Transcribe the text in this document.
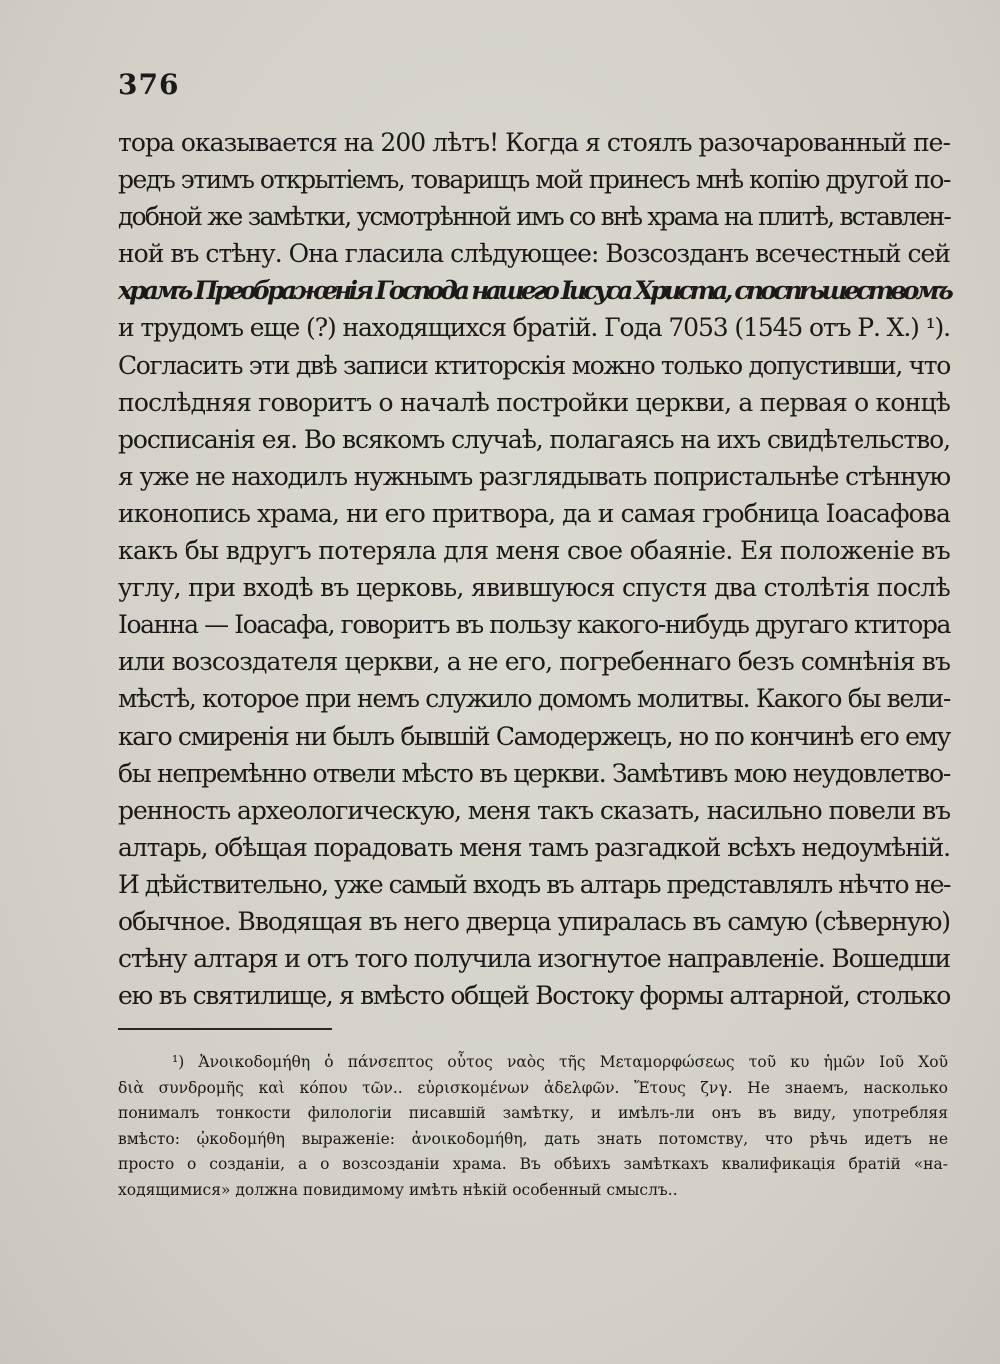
376
тора оказывается на 200 лѣтъ! Когда я стоялъ разочарованный пе-
редъ этимъ открытіемъ, товарищъ мой принесъ мнѣ копію другой по-
добной же замѣтки, усмотрѣнной имъ со внѣ храма на плитѣ, вставлен-
ной въ стѣну. Она гласила слѣдующее: Возсозданъ всечестный сей
храмъ Преображенія Господа нашего Іисуса Христа, споспѣшествомъ
и трудомъ еще (?) находящихся братій. Года 7053 (1545 отъ Р. Х.) ¹).
Согласить эти двѣ записи ктиторскія можно только допустивши, что
послѣдняя говоритъ о началѣ постройки церкви, а первая о концѣ
росписанія ея. Во всякомъ случаѣ, полагаясь на ихъ свидѣтельство,
я уже не находилъ нужнымъ разглядывать попристальнѣе стѣнную
иконопись храма, ни его притвора, да и самая гробница Іоасафова
какъ бы вдругъ потеряла для меня свое обаяніе. Ея положеніе въ
углу, при входѣ въ церковь, явившуюся спустя два столѣтія послѣ
Іоанна — Іоасафа, говоритъ въ пользу какого-нибудь другаго ктитора
или возсоздателя церкви, а не его, погребеннаго безъ сомнѣнія въ
мѣстѣ, которое при немъ служило домомъ молитвы. Какого бы вели-
каго смиренія ни былъ бывшій Самодержецъ, но по кончинѣ его ему
бы непремѣнно отвели мѣсто въ церкви. Замѣтивъ мою неудовлетво-
ренность археологическую, меня такъ сказать, насильно повели въ
алтарь, обѣщая порадовать меня тамъ разгадкой всѣхъ недоумѣній.
И дѣйствительно, уже самый входъ въ алтарь представлялъ нѣчто не-
обычное. Вводящая въ него дверца упиралась въ самую (сѣверную)
стѣну алтаря и отъ того получила изогнутое направленіе. Вошедши
ею въ святилище, я вмѣсто общей Востоку формы алтарной, столько
¹) Ἀνοικοδομήθη ὁ πάνσεπτος οὗτος ναὸς τῆς Μεταμορφώσεως τοῦ κυ ἡμῶν Ιοῦ Χοῦ
διὰ συνδρομῆς καὶ κόπου τῶν.. εὑρισκομένων ἀδελφῶν. Ἔτους ζνγ. Не знаемъ, насколько
понималъ тонкости филологіи писавшій замѣтку, и имѣлъ-ли онъ въ виду, употребляя
вмѣсто: ᾠκοδομήθη выраженіе: ἀνοικοδομήθη, дать знать потомству, что рѣчь идетъ не
просто о созданіи, а о возсозданіи храма. Въ обѣихъ замѣткахъ квалификація братій «на-
ходящимися» должна повидимому имѣть нѣкій особенный смыслъ..
